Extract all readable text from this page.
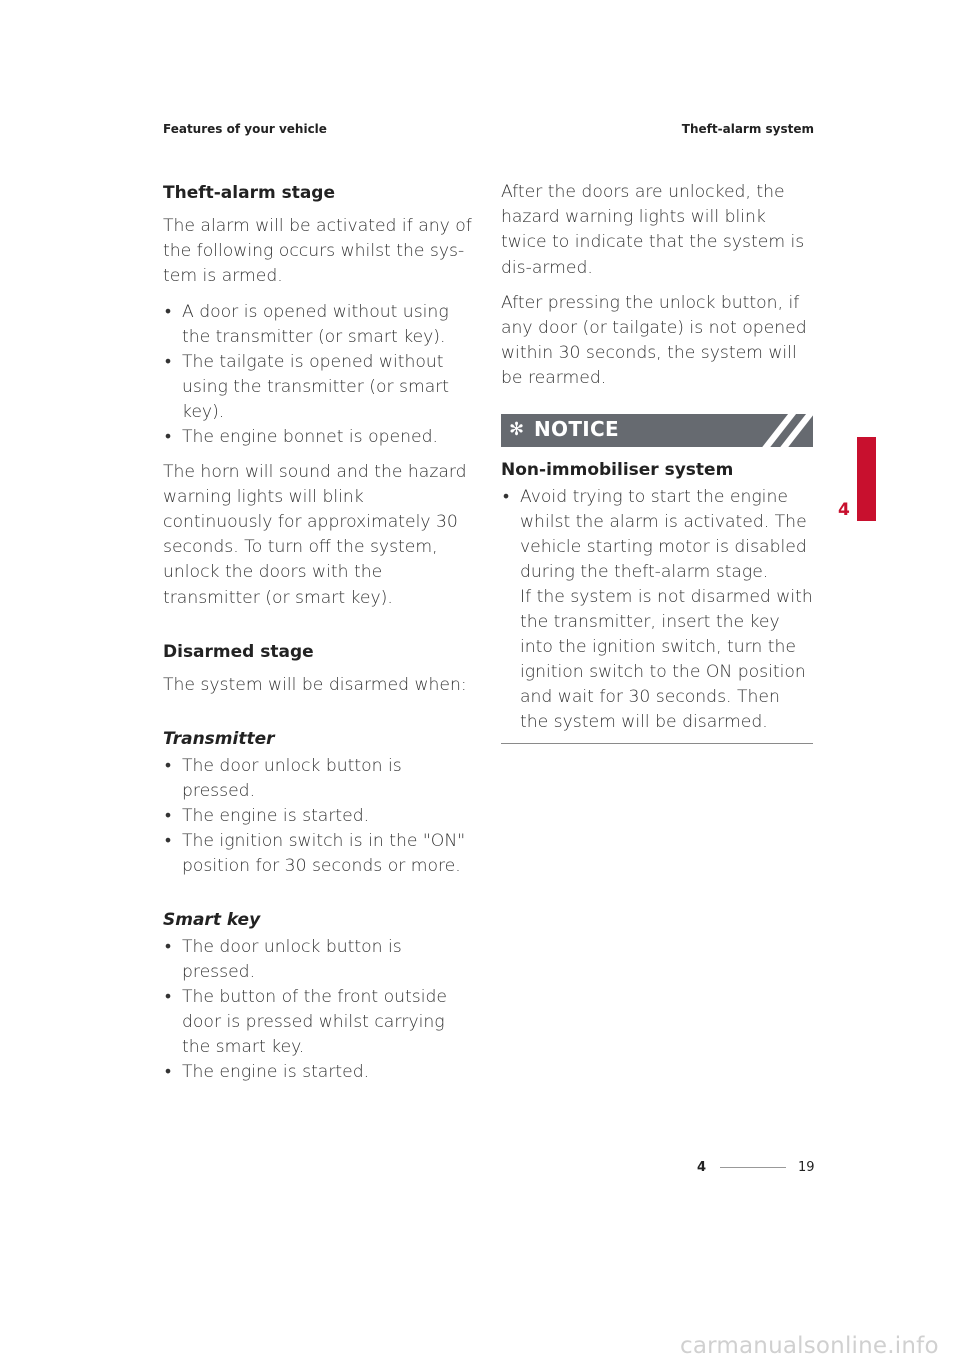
Features of your vehicle	Theft-alarm system
Theft-alarm stage

The alarm will be activated if any of the following occurs whilst the sys-tem is armed.

• A door is opened without using the transmitter (or smart key).
• The tailgate is opened without using the transmitter (or smart key).
• The engine bonnet is opened.

The horn will sound and the hazard warning lights will blink continuously for approximately 30 seconds. To turn off the system, unlock the doors with the transmitter (or smart key).

Disarmed stage

The system will be disarmed when:

Transmitter
• The door unlock button is pressed.
• The engine is started.
• The ignition switch is in the "ON" position for 30 seconds or more.
Smart key
• The door unlock button is pressed.
• The button of the front outside door is pressed whilst carrying the smart key.
• The engine is started.

After the doors are unlocked, the hazard warning lights will blink twice to indicate that the system is dis-armed.

After pressing the unlock button, if any door (or tailgate) is not opened within 30 seconds, the system will be rearmed.

✻ NOTICE
Non-immobiliser system
• Avoid trying to start the engine whilst the alarm is activated. The vehicle starting motor is disabled during the theft-alarm stage.
If the system is not disarmed with the transmitter, insert the key into the ignition switch, turn the ignition switch to the ON position and wait for 30 seconds. Then the system will be disarmed.
4
4	19
carmanualsonline.info
